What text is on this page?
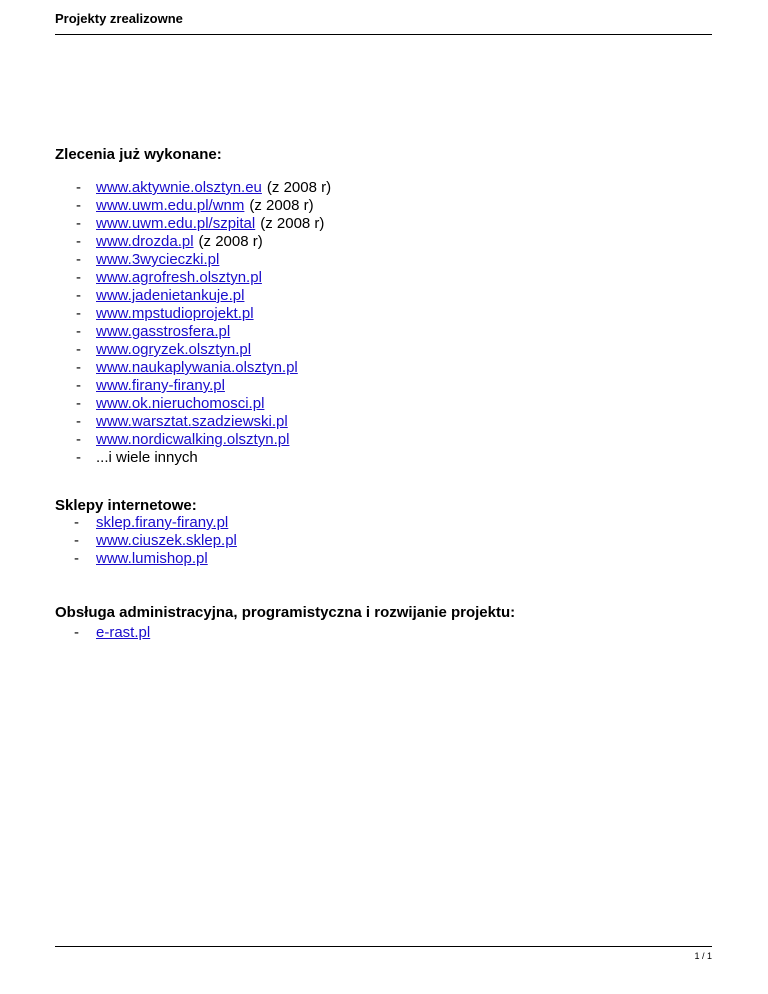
Projekty zrealizowne
Zlecenia już wykonane:
- www.aktywnie.olsztyn.eu (z 2008 r)
- www.uwm.edu.pl/wnm (z 2008 r)
- www.uwm.edu.pl/szpital (z 2008 r)
- www.drozda.pl (z 2008 r)
- www.3wycieczki.pl
- www.agrofresh.olsztyn.pl
- www.jadenietankuje.pl
- www.mpstudioprojekt.pl
- www.gasstrosfera.pl
- www.ogryzek.olsztyn.pl
- www.naukaplywania.olsztyn.pl
- www.firany-firany.pl
- www.ok.nieruchomosci.pl
- www.warsztat.szadziewski.pl
- www.nordicwalking.olsztyn.pl
- ...i wiele innych
Sklepy internetowe:
- sklep.firany-firany.pl
- www.ciuszek.sklep.pl
- www.lumishop.pl
Obsługa administracyjna, programistyczna i rozwijanie projektu:
- e-rast.pl
1 / 1
